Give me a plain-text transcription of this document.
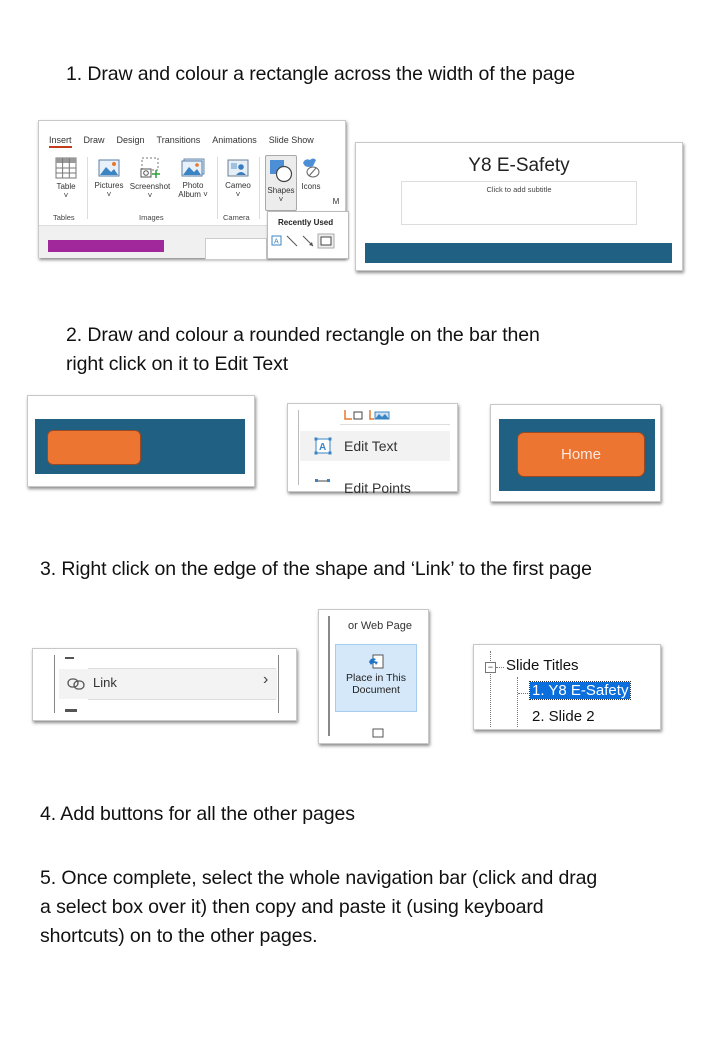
1. Draw and colour a rectangle across the width of the page

Insert Draw Design Transitions Animations Slide Show
Table
˅
Pictures
˅
Screenshot
˅
Photo
Album ˅
Cameo
˅	Shapes
˅
Icons
M
Tables	Images	Camera
Recently Used
A
Y8 E-Safety
Click to add subtitle

2. Draw and colour a rounded rectangle on the bar then

right click on it to Edit Text

A Edit Text
Edit Points
Home

3. Right click on the edge of the shape and ‘Link’ to the first page

Link	›
or Web Page
Place in This
Document
− Slide Titles
1. Y8 E-Safety
2. Slide 2

4. Add buttons for all the other pages

5. Once complete, select the whole navigation bar (click and drag

a select box over it) then copy and paste it (using keyboard

shortcuts) on to the other pages.
